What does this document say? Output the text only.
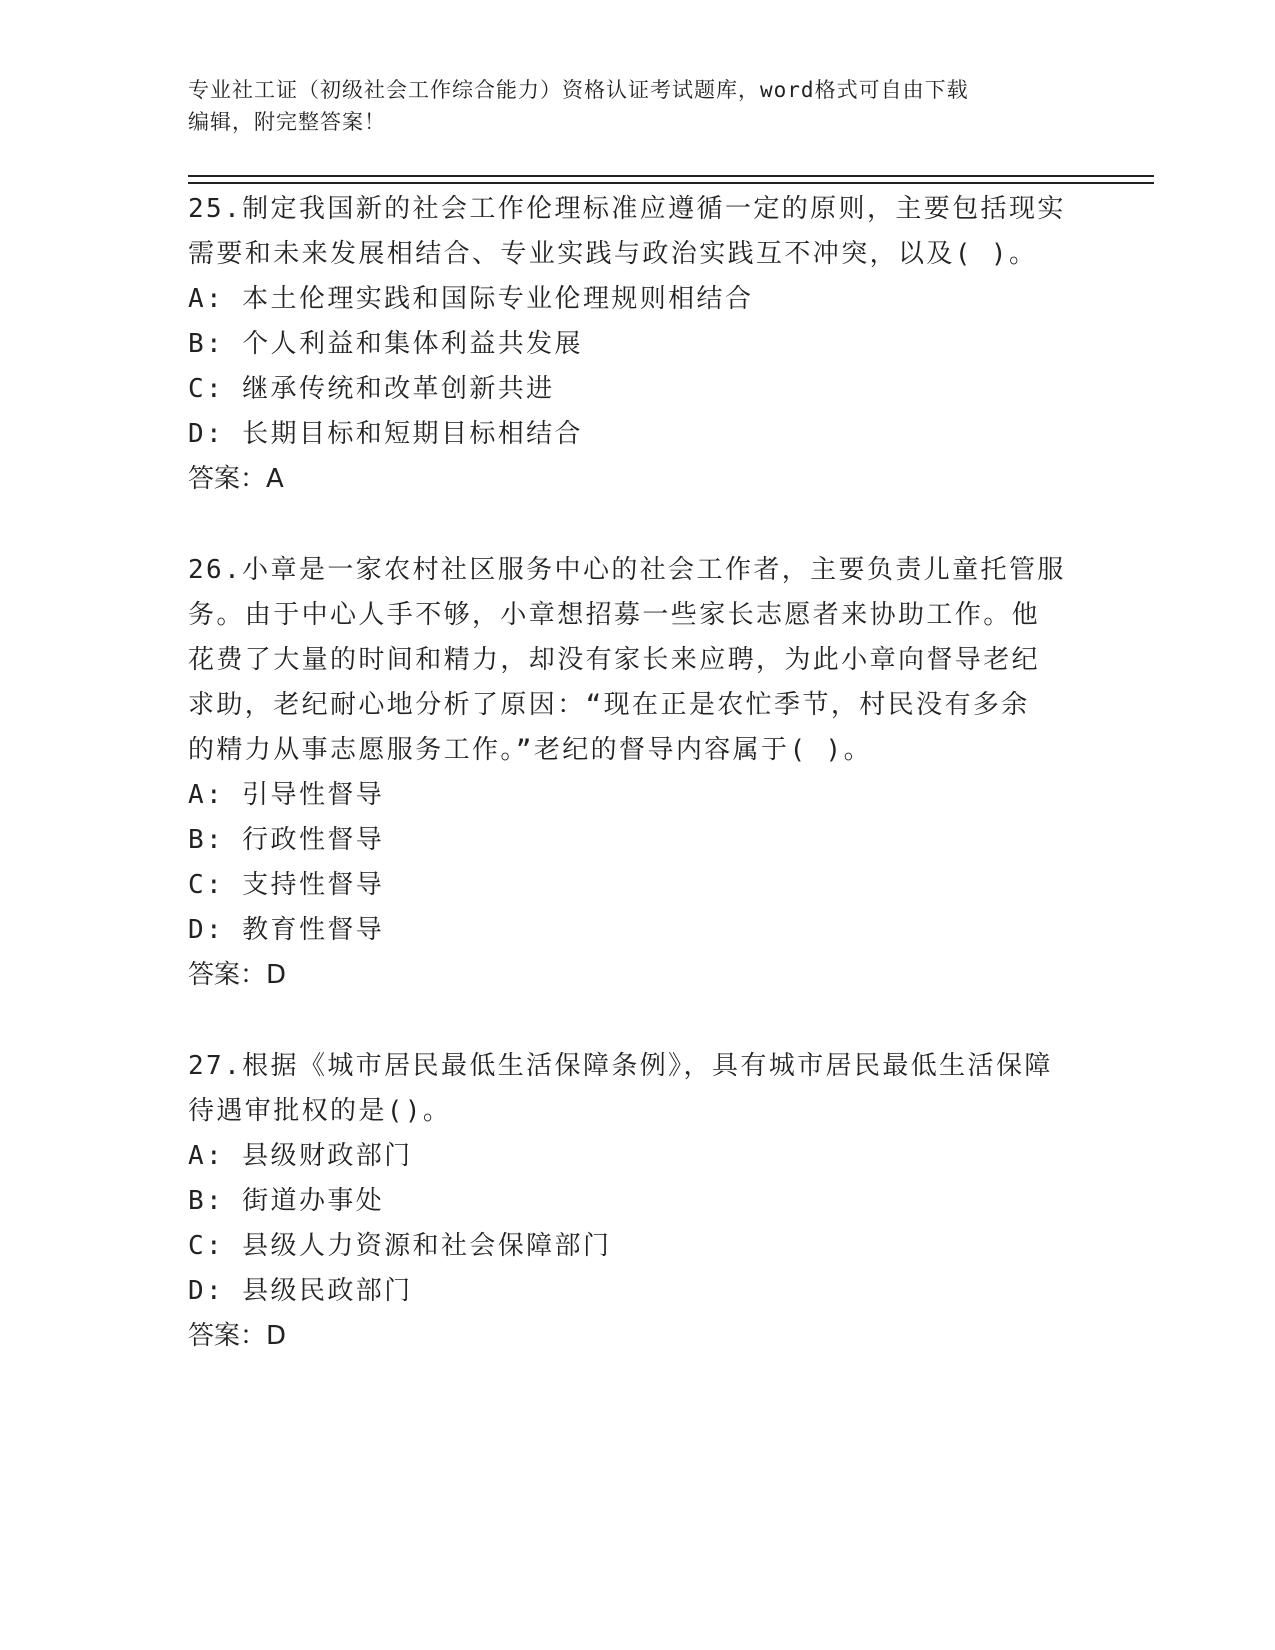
专业社工证（初级社会工作综合能力）资格认证考试题库，word格式可自由下载
编辑，附完整答案！
25.制定我国新的社会工作伦理标准应遵循一定的原则，主要包括现实
需要和未来发展相结合、专业实践与政治实践互不冲突，以及( )。
A: 本土伦理实践和国际专业伦理规则相结合
B: 个人利益和集体利益共发展
C: 继承传统和改革创新共进
D: 长期目标和短期目标相结合
答案：A
26.小章是一家农村社区服务中心的社会工作者，主要负责儿童托管服
务。由于中心人手不够，小章想招募一些家长志愿者来协助工作。他
花费了大量的时间和精力，却没有家长来应聘，为此小章向督导老纪
求助，老纪耐心地分析了原因：“现在正是农忙季节，村民没有多余
的精力从事志愿服务工作。”老纪的督导内容属于( )。
A: 引导性督导
B: 行政性督导
C: 支持性督导
D: 教育性督导
答案：D
27.根据《城市居民最低生活保障条例》，具有城市居民最低生活保障
待遇审批权的是()。
A: 县级财政部门
B: 街道办事处
C: 县级人力资源和社会保障部门
D: 县级民政部门
答案：D
